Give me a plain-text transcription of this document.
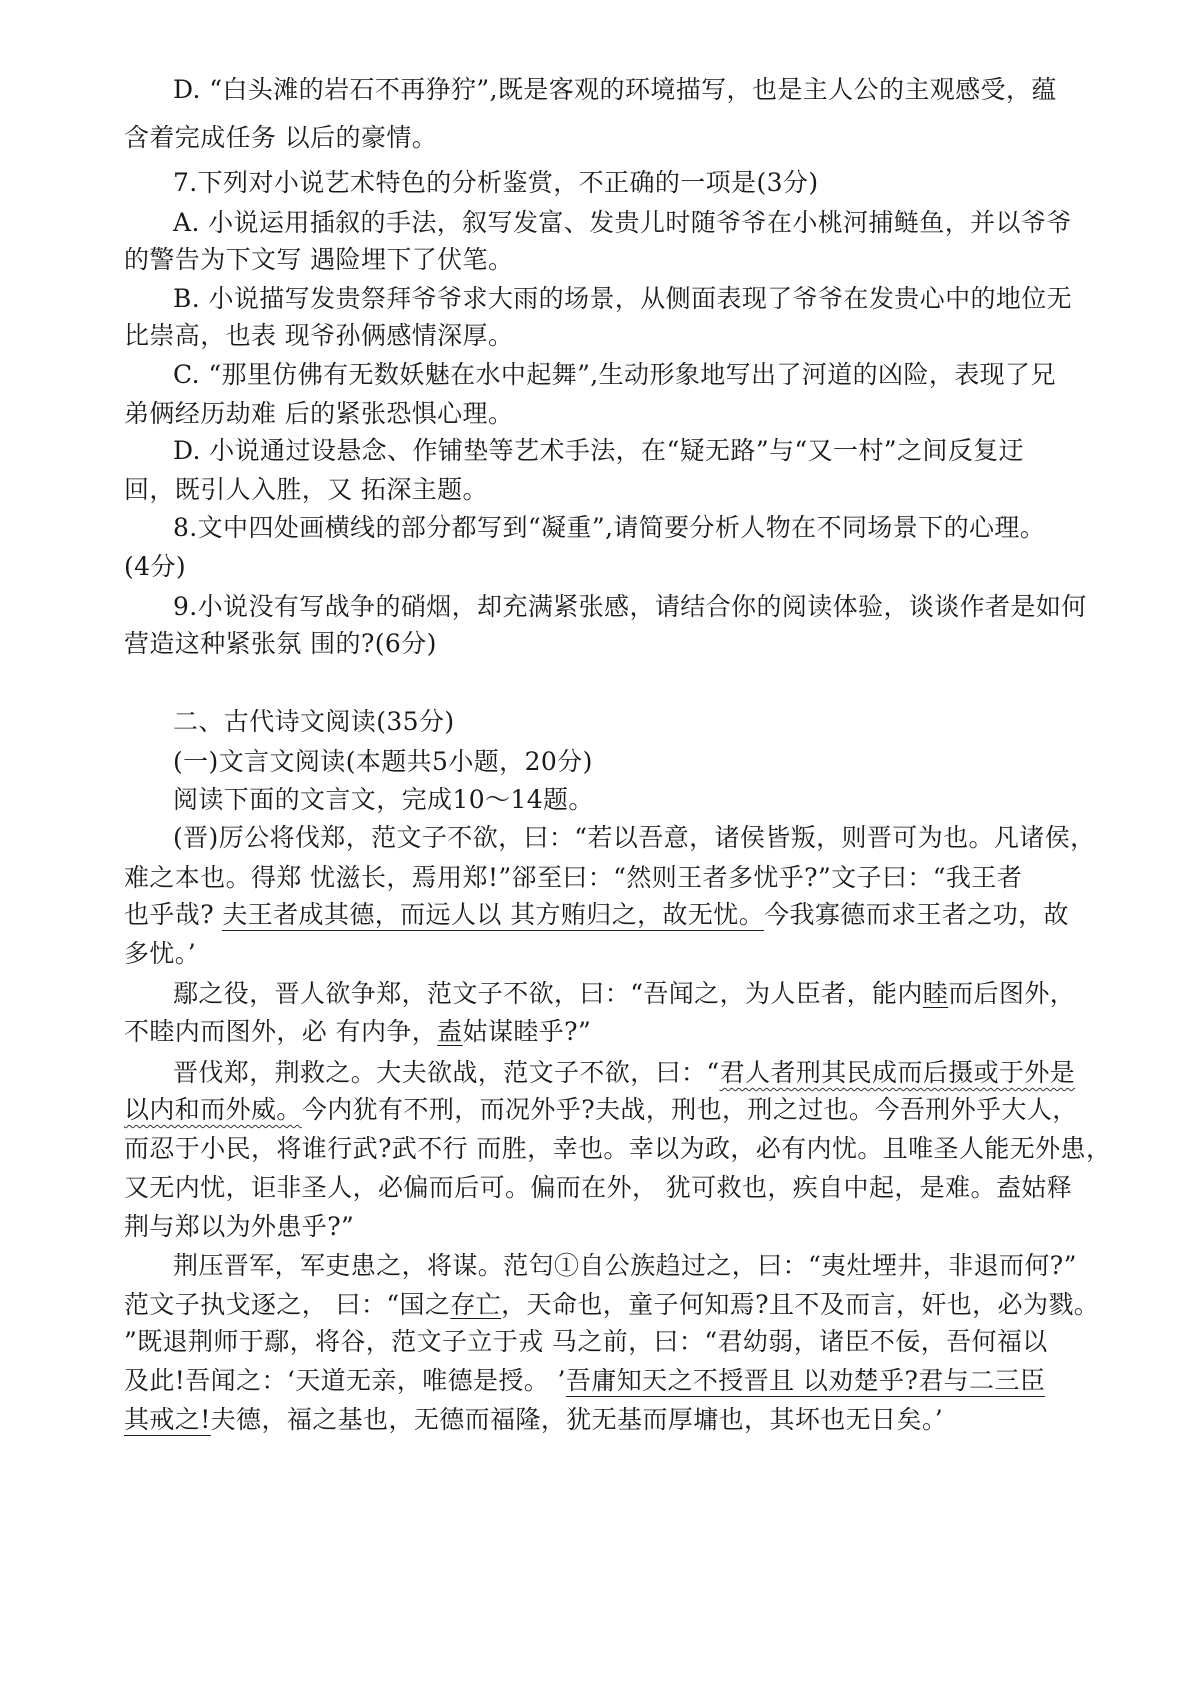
D. “白头滩的岩石不再狰狞”,既是客观的环境描写，也是主人公的主观感受，蕴
含着完成任务 以后的豪情。
7.下列对小说艺术特色的分析鉴赏，不正确的一项是(3分)
A. 小说运用插叙的手法，叙写发富、发贵儿时随爷爷在小桃河捕鲢鱼，并以爷爷
的警告为下文写 遇险埋下了伏笔。
B. 小说描写发贵祭拜爷爷求大雨的场景，从侧面表现了爷爷在发贵心中的地位无
比崇高，也表 现爷孙俩感情深厚。
C. “那里仿佛有无数妖魅在水中起舞”,生动形象地写出了河道的凶险，表现了兄
弟俩经历劫难 后的紧张恐惧心理。
D. 小说通过设悬念、作铺垫等艺术手法，在“疑无路”与“又一村”之间反复迂
回，既引人入胜，又 拓深主题。
8.文中四处画横线的部分都写到“凝重”,请简要分析人物在不同场景下的心理。
(4分)
9.小说没有写战争的硝烟，却充满紧张感，请结合你的阅读体验，谈谈作者是如何
营造这种紧张氛 围的?(6分)
二、古代诗文阅读(35分)
(一)文言文阅读(本题共5小题，20分)
阅读下面的文言文，完成10～14题。
(晋)厉公将伐郑，范文子不欲，曰：“若以吾意，诸侯皆叛，则晋可为也。凡诸侯，
难之本也。得郑 忧滋长，焉用郑!”郤至曰：“然则王者多忧乎?”文子曰：“我王者
也乎哉? 夫王者成其德，而远人以 其方贿归之，故无忧。今我寡德而求王者之功，故
多忧。’
鄢之役，晋人欲争郑，范文子不欲，曰：“吾闻之，为人臣者，能内睦而后图外，
不睦内而图外，必 有内争，盍姑谋睦乎?”
晋伐郑，荆救之。大夫欲战，范文子不欲，曰：“君人者刑其民成而后摄或于外是
以内和而外威。今内犹有不刑，而况外乎?夫战，刑也，刑之过也。今吾刑外乎大人，
而忍于小民，将谁行武?武不行 而胜，幸也。幸以为政，必有内忧。且唯圣人能无外患，
又无内忧，讵非圣人，必偏而后可。偏而在外， 犹可救也，疾自中起，是难。盍姑释
荆与郑以为外患乎?”
荆压晋军，军吏患之，将谋。范匄①自公族趋过之，曰：“夷灶堙井，非退而何?”
范文子执戈逐之， 曰：“国之存亡，天命也，童子何知焉?且不及而言，奸也，必为戮。
”既退荆师于鄢，将谷，范文子立于戎 马之前，曰：“君幼弱，诸臣不佞，吾何福以
及此!吾闻之：‘天道无亲，唯德是授。 ’吾庸知天之不授晋且 以劝楚乎?君与二三臣
其戒之!夫德，福之基也，无德而福隆，犹无基而厚墉也，其坏也无日矣。’
